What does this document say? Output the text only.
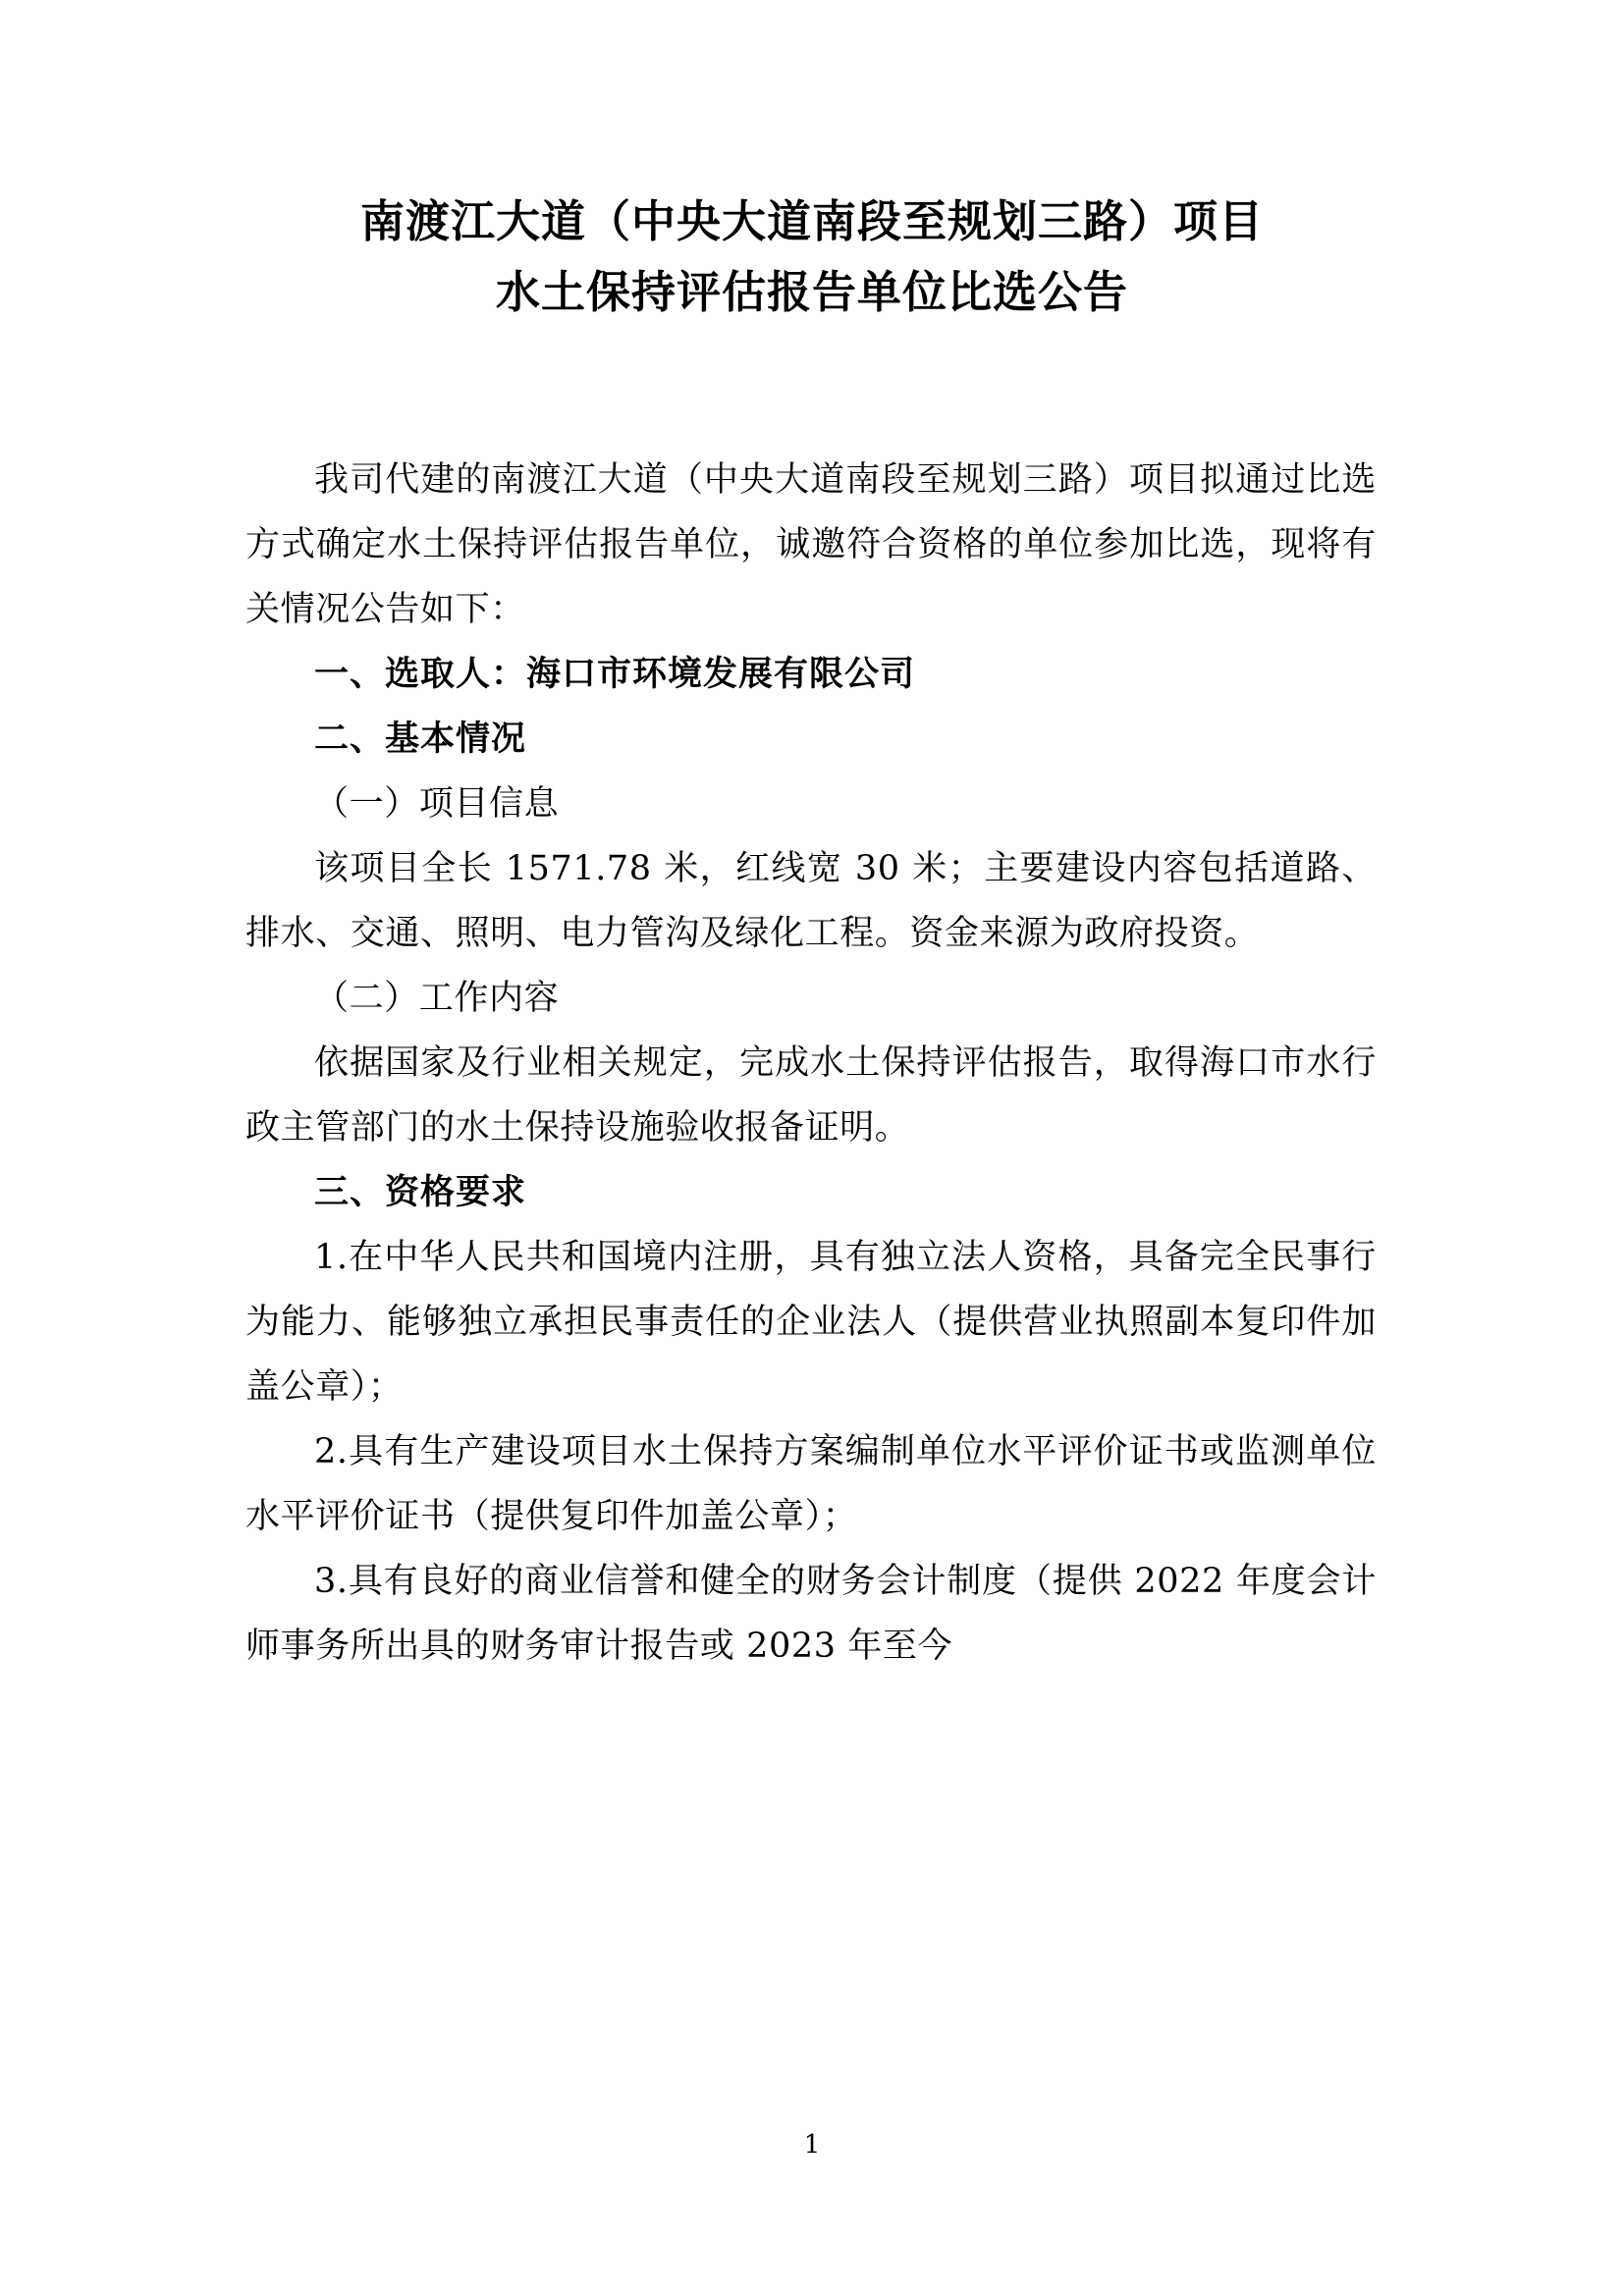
南渡江大道（中央大道南段至规划三路）项目
水土保持评估报告单位比选公告

我司代建的南渡江大道（中央大道南段至规划三路）项目拟通过比选方式确定水土保持评估报告单位，诚邀符合资格的单位参加比选，现将有关情况公告如下：

一、选取人：海口市环境发展有限公司

二、基本情况

（一）项目信息

该项目全长 1571.78 米，红线宽 30 米；主要建设内容包括道路、排水、交通、照明、电力管沟及绿化工程。资金来源为政府投资。

（二）工作内容

依据国家及行业相关规定，完成水土保持评估报告，取得海口市水行政主管部门的水土保持设施验收报备证明。

三、资格要求

1.在中华人民共和国境内注册，具有独立法人资格，具备完全民事行为能力、能够独立承担民事责任的企业法人（提供营业执照副本复印件加盖公章）；

2.具有生产建设项目水土保持方案编制单位水平评价证书或监测单位水平评价证书（提供复印件加盖公章）；

3.具有良好的商业信誉和健全的财务会计制度（提供 2022 年度会计师事务所出具的财务审计报告或 2023 年至今

1
